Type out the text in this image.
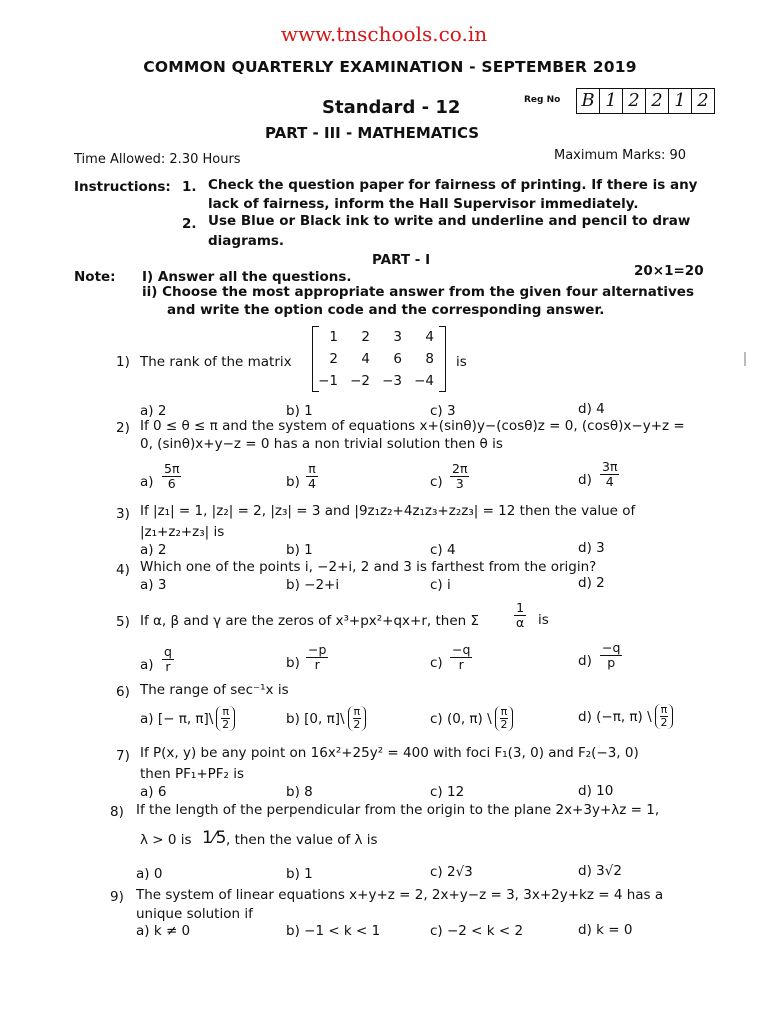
www.tnschools.co.in
COMMON QUARTERLY EXAMINATION - SEPTEMBER 2019
Standard - 12	Reg No B 1 2 2 1 2
PART - III - MATHEMATICS
Time Allowed: 2.30 Hours	Maximum Marks: 90
Instructions: 1. Check the question paper for fairness of printing. If there is any
lack of fairness, inform the Hall Supervisor immediately.
2. Use Blue or Black ink to write and underline and pencil to draw
diagrams.
PART - I
Note: I) Answer all the questions.	20×1=20
ii) Choose the most appropriate answer from the given four alternatives
and write the option code and the corresponding answer.
1) The rank of the matrix
1	2	3	4
2	4	6	8
−1 −2 −3 −4
is
a) 2	b) 1	c) 3	d) 4
2) If 0 ≤ θ ≤ π and the system of equations x+(sinθ)y−(cosθ)z = 0, (cosθ)x−y+z =
0, (sinθ)x+y−z = 0 has a non trivial solution then θ is
$a) \frac{5\pi}{6}$	$b) \frac{\pi}{4}$	$c) \frac{2\pi}{3}$	$d) \frac{3\pi}{4}$
3) If |z₁| = 1, |z₂| = 2, |z₃| = 3 and |9z₁z₂+4z₁z₃+z₂z₃| = 12 then the value of
|z₁+z₂+z₃| is
a) 2	b) 1	c) 4	d) 3
4) Which one of the points i, −2+i, 2 and 3 is farthest from the origin?
a) 3	b) −2+i	c) i	d) 2
5) If α, β and γ are the zeros of x³+px²+qx+r, then Σ	$\frac{1}{\alpha}$ is
$a) \frac{q}{r}$	$b) \frac{-p}{r}$	$c) \frac{-q}{r}$	$d) \frac{-q}{p}$
6) The range of sec⁻¹x is
a) [− π, π]\ $\frac{\pi}{2}$	b) [0, π]\ $\frac{\pi}{2}$	c) (0, π) \ $\frac{\pi}{2}$	d) (−π, π) \ $\frac{\pi}{2}$
7) If P(x, y) be any point on 16x²+25y² = 400 with foci F₁(3, 0) and F₂(−3, 0)
then PF₁+PF₂ is
a) 6	b) 8	c) 12	d) 10
8) If the length of the perpendicular from the origin to the plane 2x+3y+λz = 1,
λ > 0 is 1⁄5 , then the value of λ is
a) 0	b) 1	c) 2√3	d) 3√2
9) The system of linear equations x+y+z = 2, 2x+y−z = 3, 3x+2y+kz = 4 has a
unique solution if
a) k ≠ 0	b) −1 < k < 1	c) −2 < k < 2	d) k = 0
